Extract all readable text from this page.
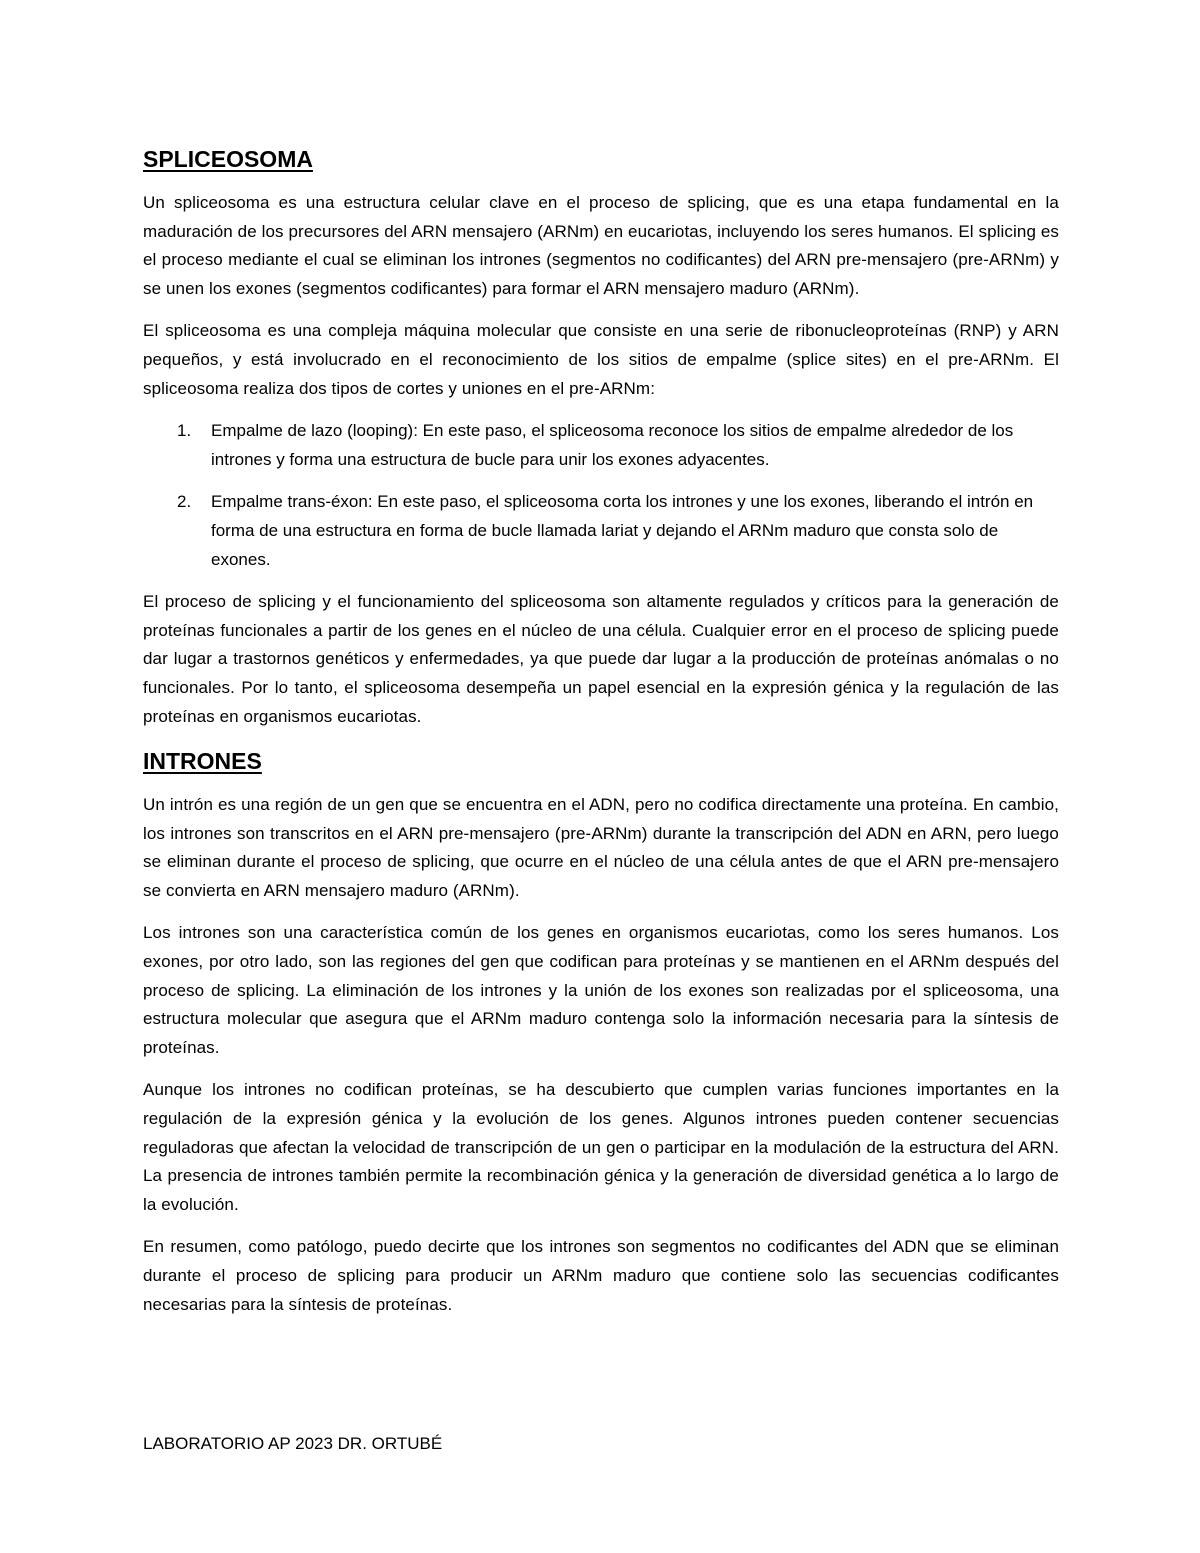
SPLICEOSOMA

Un spliceosoma es una estructura celular clave en el proceso de splicing, que es una etapa fundamental en la maduración de los precursores del ARN mensajero (ARNm) en eucariotas, incluyendo los seres humanos. El splicing es el proceso mediante el cual se eliminan los intrones (segmentos no codificantes) del ARN pre-mensajero (pre-ARNm) y se unen los exones (segmentos codificantes) para formar el ARN mensajero maduro (ARNm).

El spliceosoma es una compleja máquina molecular que consiste en una serie de ribonucleoproteínas (RNP) y ARN pequeños, y está involucrado en el reconocimiento de los sitios de empalme (splice sites) en el pre-ARNm. El spliceosoma realiza dos tipos de cortes y uniones en el pre-ARNm:

1. Empalme de lazo (looping): En este paso, el spliceosoma reconoce los sitios de empalme alrededor de los intrones y forma una estructura de bucle para unir los exones adyacentes.
2. Empalme trans-éxon: En este paso, el spliceosoma corta los intrones y une los exones, liberando el intrón en forma de una estructura en forma de bucle llamada lariat y dejando el ARNm maduro que consta solo de exones.

El proceso de splicing y el funcionamiento del spliceosoma son altamente regulados y críticos para la generación de proteínas funcionales a partir de los genes en el núcleo de una célula. Cualquier error en el proceso de splicing puede dar lugar a trastornos genéticos y enfermedades, ya que puede dar lugar a la producción de proteínas anómalas o no funcionales. Por lo tanto, el spliceosoma desempeña un papel esencial en la expresión génica y la regulación de las proteínas en organismos eucariotas.

INTRONES

Un intrón es una región de un gen que se encuentra en el ADN, pero no codifica directamente una proteína. En cambio, los intrones son transcritos en el ARN pre-mensajero (pre-ARNm) durante la transcripción del ADN en ARN, pero luego se eliminan durante el proceso de splicing, que ocurre en el núcleo de una célula antes de que el ARN pre-mensajero se convierta en ARN mensajero maduro (ARNm).

Los intrones son una característica común de los genes en organismos eucariotas, como los seres humanos. Los exones, por otro lado, son las regiones del gen que codifican para proteínas y se mantienen en el ARNm después del proceso de splicing. La eliminación de los intrones y la unión de los exones son realizadas por el spliceosoma, una estructura molecular que asegura que el ARNm maduro contenga solo la información necesaria para la síntesis de proteínas.

Aunque los intrones no codifican proteínas, se ha descubierto que cumplen varias funciones importantes en la regulación de la expresión génica y la evolución de los genes. Algunos intrones pueden contener secuencias reguladoras que afectan la velocidad de transcripción de un gen o participar en la modulación de la estructura del ARN. La presencia de intrones también permite la recombinación génica y la generación de diversidad genética a lo largo de la evolución.

En resumen, como patólogo, puedo decirte que los intrones son segmentos no codificantes del ADN que se eliminan durante el proceso de splicing para producir un ARNm maduro que contiene solo las secuencias codificantes necesarias para la síntesis de proteínas.

LABORATORIO AP 2023 DR. ORTUBÉ
